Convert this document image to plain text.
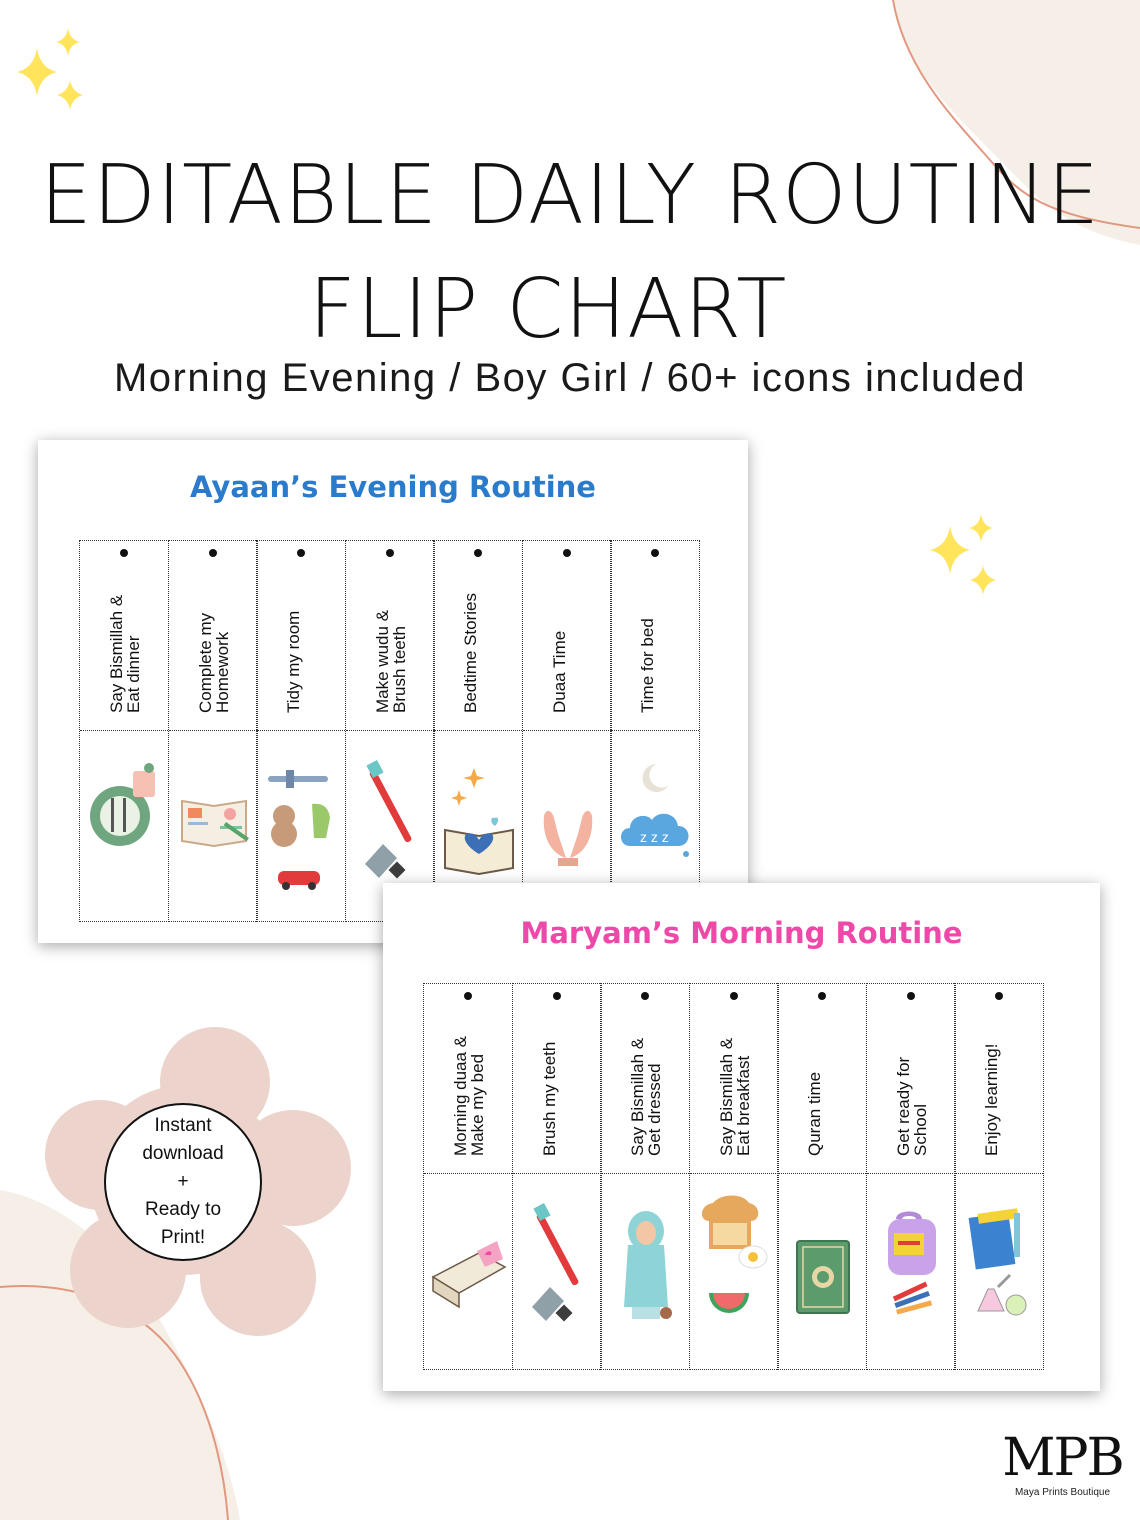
EDITABLE DAILY ROUTINE
FLIP CHART

Morning Evening / Boy Girl / 60+ icons included

Ayaan’s Evening Routine
Say Bismillah &
Eat dinner	Complete my
Homework	Tidy my room	Make wudu &
Brush teeth	Bedtime Stories	Duaa Time	Time for bed
z z z
Maryam’s Morning Routine
Morning duaa &
Make my bed	Brush my teeth	Say Bismillah &
Get dressed
Say Bismillah &
Eat breakfast	Quran time	Get ready for
School	Enjoy learning!
Instant
download
+
Ready to
Print!
MPB
Maya Prints Boutique
